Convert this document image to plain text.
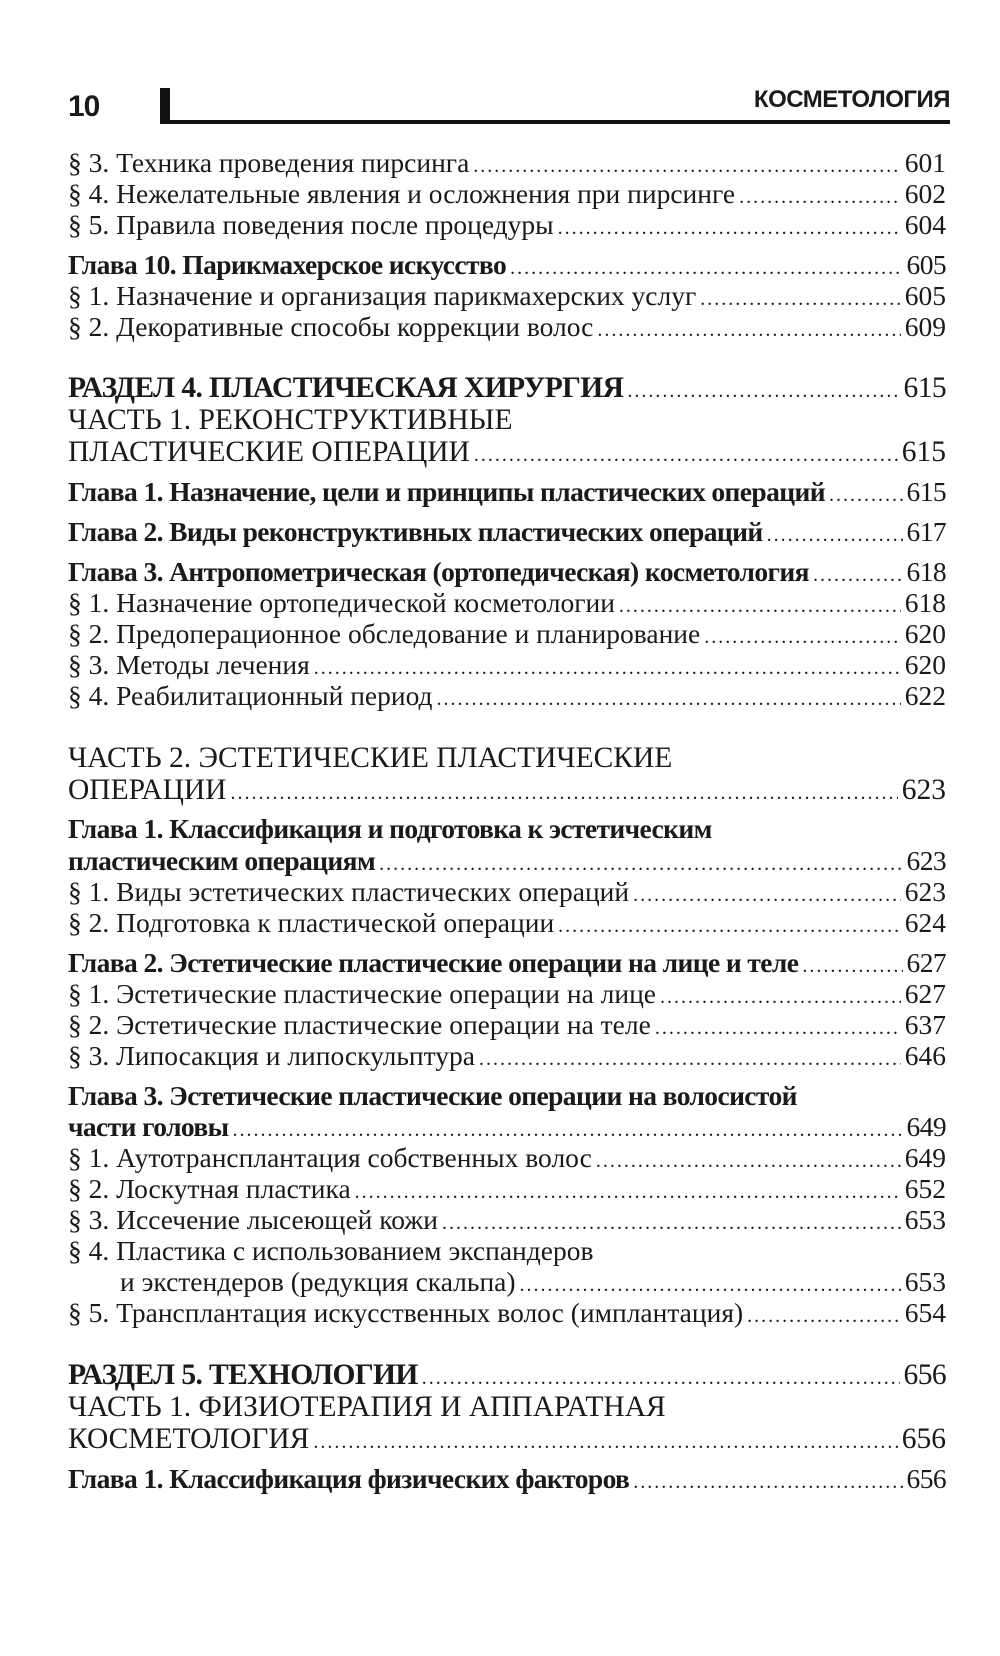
10	КОСМЕТОЛОГИЯ
§ 3. Техника проведения пирсинга . . .	601
§ 4. Нежелательные явления и осложнения при пирсинге . . .	602
§ 5. Правила поведения после процедуры . . .	604
Глава 10. Парикмахерское искусство . . .	605
§ 1. Назначение и организация парикмахерских услуг . . .	605
§ 2. Декоративные способы коррекции волос . . .	609
РАЗДЕЛ 4. ПЛАСТИЧЕСКАЯ ХИРУРГИЯ . . .	615
ЧАСТЬ 1. РЕКОНСТРУКТИВНЫЕ
ПЛАСТИЧЕСКИЕ ОПЕРАЦИИ . . .	615
Глава 1. Назначение, цели и принципы пластических операций . . .	615
Глава 2. Виды реконструктивных пластических операций . . .	617
Глава 3. Антропометрическая (ортопедическая) косметология . . .	618
§ 1. Назначение ортопедической косметологии . . .	618
§ 2. Предоперационное обследование и планирование . . .	620
§ 3. Методы лечения . . .	620
§ 4. Реабилитационный период . . .	622
ЧАСТЬ 2. ЭСТЕТИЧЕСКИЕ ПЛАСТИЧЕСКИЕ
ОПЕРАЦИИ . . .	623
Глава 1. Классификация и подготовка к эстетическим
пластическим операциям . . .	623
§ 1. Виды эстетических пластических операций . . .	623
§ 2. Подготовка к пластической операции . . .	624
Глава 2. Эстетические пластические операции на лице и теле . . .	627
§ 1. Эстетические пластические операции на лице . . .	627
§ 2. Эстетические пластические операции на теле . . .	637
§ 3. Липосакция и липоскульптура . . .	646
Глава 3. Эстетические пластические операции на волосистой
части головы . . .	649
§ 1. Аутотрансплантация собственных волос . . .	649
§ 2. Лоскутная пластика . . .	652
§ 3. Иссечение лысеющей кожи . . .	653
§ 4. Пластика с использованием экспандеров
и экстендеров (редукция скальпа) . . .	653
§ 5. Трансплантация искусственных волос (имплантация) . . .	654
РАЗДЕЛ 5. ТЕХНОЛОГИИ . . .	656
ЧАСТЬ 1. ФИЗИОТЕРАПИЯ И АППАРАТНАЯ
КОСМЕТОЛОГИЯ . . .	656
Глава 1. Классификация физических факторов . . .	656
